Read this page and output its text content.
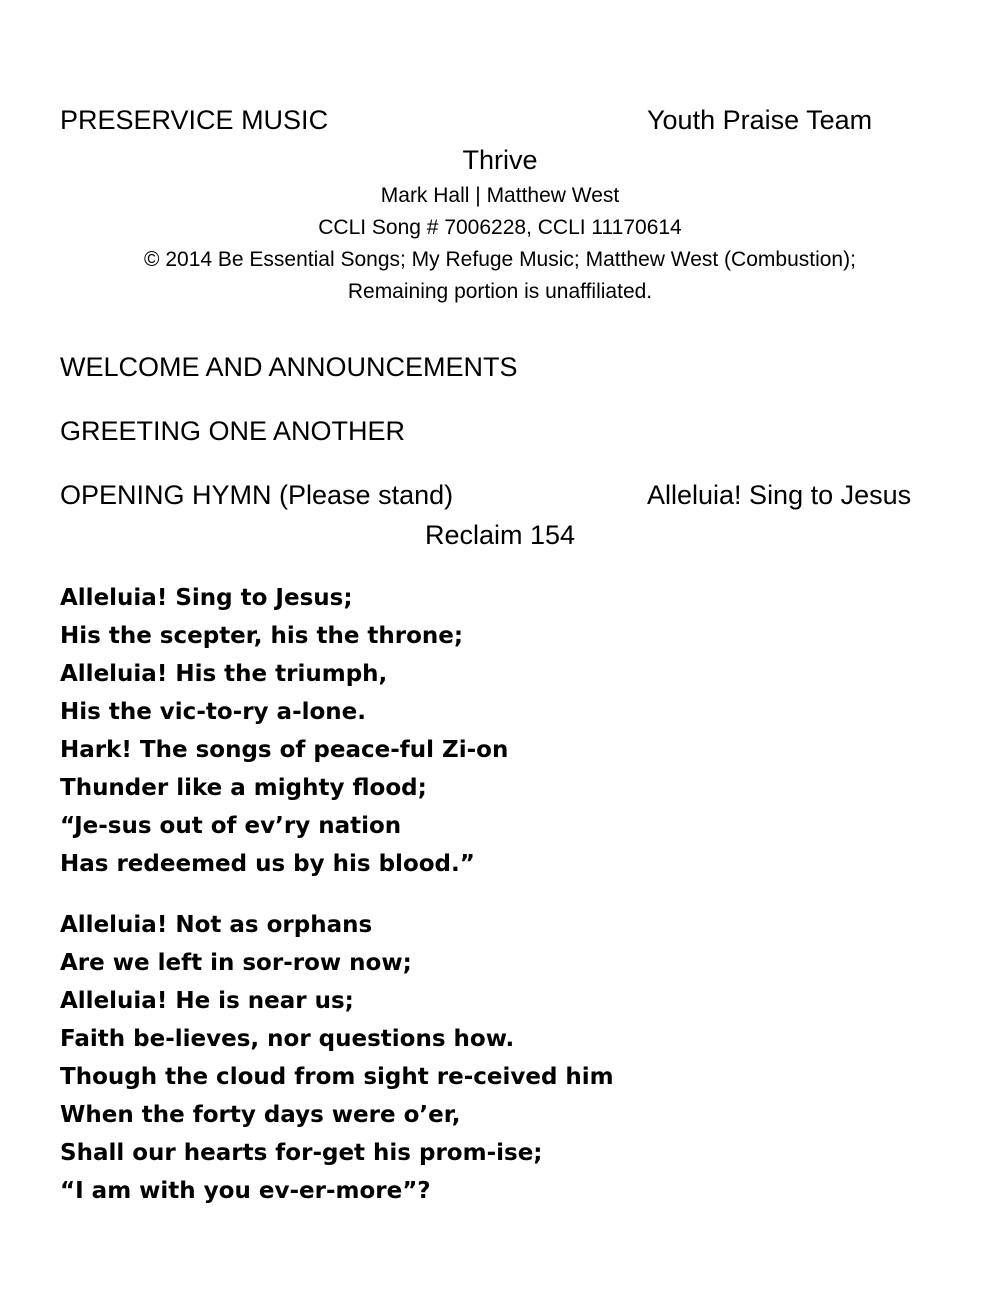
PRESERVICE MUSIC	Youth Praise Team
Thrive
Mark Hall | Matthew West
CCLI Song # 7006228, CCLI 11170614
© 2014 Be Essential Songs; My Refuge Music; Matthew West (Combustion);
Remaining portion is unaffiliated.
WELCOME AND ANNOUNCEMENTS
GREETING ONE ANOTHER
OPENING HYMN (Please stand)	Alleluia! Sing to Jesus
Reclaim 154
Alleluia! Sing to Jesus;
His the scepter, his the throne;
Alleluia! His the triumph,
His the vic-to-ry a-lone.
Hark! The songs of peace-ful Zi-on
Thunder like a mighty flood;
“Je-sus out of ev’ry nation
Has redeemed us by his blood.”
Alleluia! Not as orphans
Are we left in sor-row now;
Alleluia! He is near us;
Faith be-lieves, nor questions how.
Though the cloud from sight re-ceived him
When the forty days were o’er,
Shall our hearts for-get his prom-ise;
“I am with you ev-er-more”?
